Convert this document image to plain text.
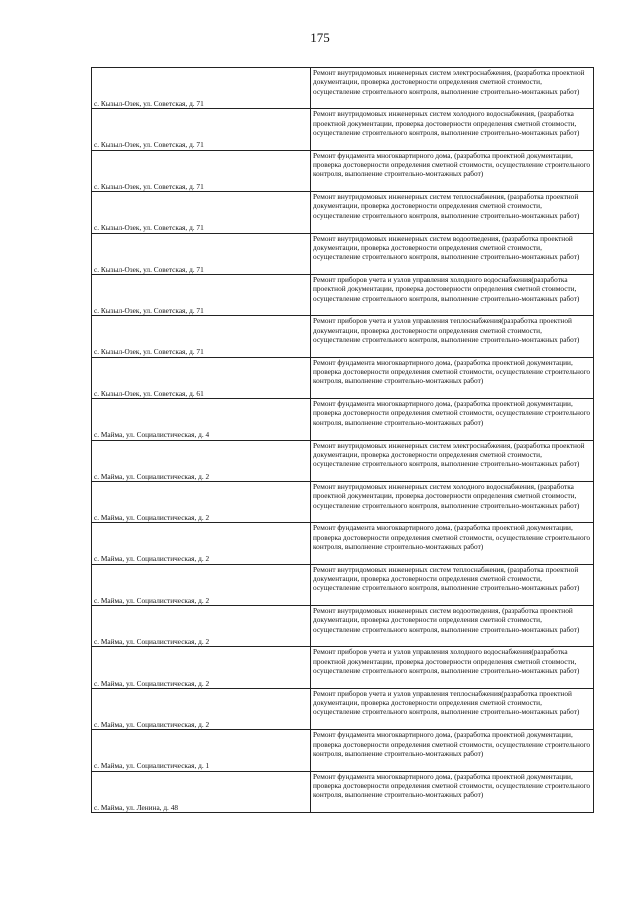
175
с. Кызыл-Озек, ул. Советская, д. 71	Ремонт внутридомовых инженерных систем электроснабжения, (разработка проектной документации, проверка достоверности определения сметной стоимости, осуществление строительного контроля, выполнение строительно-монтажных работ)
с. Кызыл-Озек, ул. Советская, д. 71	Ремонт внутридомовых инженерных систем холодного водоснабжения, (разработка проектной документации, проверка достоверности определения сметной стоимости, осуществление строительного контроля, выполнение строительно-монтажных работ)
с. Кызыл-Озек, ул. Советская, д. 71	Ремонт фундамента многоквартирного дома, (разработка проектной документации, проверка достоверности определения сметной стоимости, осуществление строительного контроля, выполнение строительно-монтажных работ)
с. Кызыл-Озек, ул. Советская, д. 71	Ремонт внутридомовых инженерных систем теплоснабжения, (разработка проектной документации, проверка достоверности определения сметной стоимости, осуществление строительного контроля, выполнение строительно-монтажных работ)
с. Кызыл-Озек, ул. Советская, д. 71	Ремонт внутридомовых инженерных систем водоотведения, (разработка проектной документации, проверка достоверности определения сметной стоимости, осуществление строительного контроля, выполнение строительно-монтажных работ)
с. Кызыл-Озек, ул. Советская, д. 71	Ремонт приборов учета и узлов управления холодного водоснабжения(разработка проектной документации, проверка достоверности определения сметной стоимости, осуществление строительного контроля, выполнение строительно-монтажных работ)
с. Кызыл-Озек, ул. Советская, д. 71	Ремонт приборов учета и узлов управления теплоснабжения(разработка проектной документации, проверка достоверности определения сметной стоимости, осуществление строительного контроля, выполнение строительно-монтажных работ)
с. Кызыл-Озек, ул. Советская, д. 61	Ремонт фундамента многоквартирного дома, (разработка проектной документации, проверка достоверности определения сметной стоимости, осуществление строительного контроля, выполнение строительно-монтажных работ)
с. Майма, ул. Социалистическая, д. 4	Ремонт фундамента многоквартирного дома, (разработка проектной документации, проверка достоверности определения сметной стоимости, осуществление строительного контроля, выполнение строительно-монтажных работ)
с. Майма, ул. Социалистическая, д. 2	Ремонт внутридомовых инженерных систем электроснабжения, (разработка проектной документации, проверка достоверности определения сметной стоимости, осуществление строительного контроля, выполнение строительно-монтажных работ)
с. Майма, ул. Социалистическая, д. 2	Ремонт внутридомовых инженерных систем холодного водоснабжения, (разработка проектной документации, проверка достоверности определения сметной стоимости, осуществление строительного контроля, выполнение строительно-монтажных работ)
с. Майма, ул. Социалистическая, д. 2	Ремонт фундамента многоквартирного дома, (разработка проектной документации, проверка достоверности определения сметной стоимости, осуществление строительного контроля, выполнение строительно-монтажных работ)
с. Майма, ул. Социалистическая, д. 2	Ремонт внутридомовых инженерных систем теплоснабжения, (разработка проектной документации, проверка достоверности определения сметной стоимости, осуществление строительного контроля, выполнение строительно-монтажных работ)
с. Майма, ул. Социалистическая, д. 2	Ремонт внутридомовых инженерных систем водоотведения, (разработка проектной документации, проверка достоверности определения сметной стоимости, осуществление строительного контроля, выполнение строительно-монтажных работ)
с. Майма, ул. Социалистическая, д. 2	Ремонт приборов учета и узлов управления холодного водоснабжения(разработка проектной документации, проверка достоверности определения сметной стоимости, осуществление строительного контроля, выполнение строительно-монтажных работ)
с. Майма, ул. Социалистическая, д. 2	Ремонт приборов учета и узлов управления теплоснабжения(разработка проектной документации, проверка достоверности определения сметной стоимости, осуществление строительного контроля, выполнение строительно-монтажных работ)
с. Майма, ул. Социалистическая, д. 1	Ремонт фундамента многоквартирного дома, (разработка проектной документации, проверка достоверности определения сметной стоимости, осуществление строительного контроля, выполнение строительно-монтажных работ)
с. Майма, ул. Ленина, д. 48	Ремонт фундамента многоквартирного дома, (разработка проектной документации, проверка достоверности определения сметной стоимости, осуществление строительного контроля, выполнение строительно-монтажных работ)
